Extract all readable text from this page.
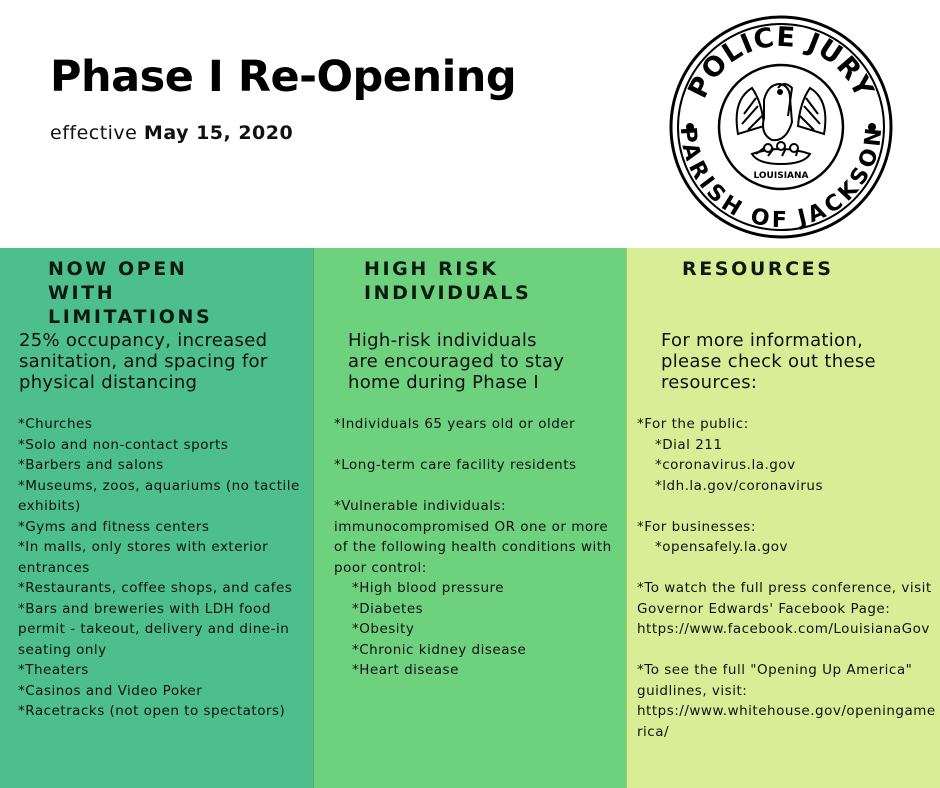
Phase I Re-Opening
effective May 15, 2020
POLICE JURY
PARISH OF JACKSON
LOUISIANA
NOW OPEN
WITH
LIMITATIONS
25% occupancy, increased
sanitation, and spacing for
physical distancing
*Churches
*Solo and non-contact sports
*Barbers and salons
*Museums, zoos, aquariums (no tactile exhibits)
*Gyms and fitness centers
*In malls, only stores with exterior entrances
*Restaurants, coffee shops, and cafes
*Bars and breweries with LDH food permit - takeout, delivery and dine-in seating only
*Theaters
*Casinos and Video Poker
*Racetracks (not open to spectators)
HIGH RISK
INDIVIDUALS
High-risk individuals
are encouraged to stay
home during Phase I
*Individuals 65 years old or older
*Long-term care facility residents
*Vulnerable individuals: immunocompromised OR one or more of the following health conditions with poor control:
*High blood pressure
*Diabetes
*Obesity
*Chronic kidney disease
*Heart disease
RESOURCES
For more information,
please check out these
resources:
*For the public:
*Dial 211
*coronavirus.la.gov
*ldh.la.gov/coronavirus
*For businesses:
*opensafely.la.gov
*To watch the full press conference, visit Governor Edwards' Facebook Page:
https://www.facebook.com/LouisianaGov
*To see the full "Opening Up America" guidlines, visit:
https://www.whitehouse.gov/openingamerica/
